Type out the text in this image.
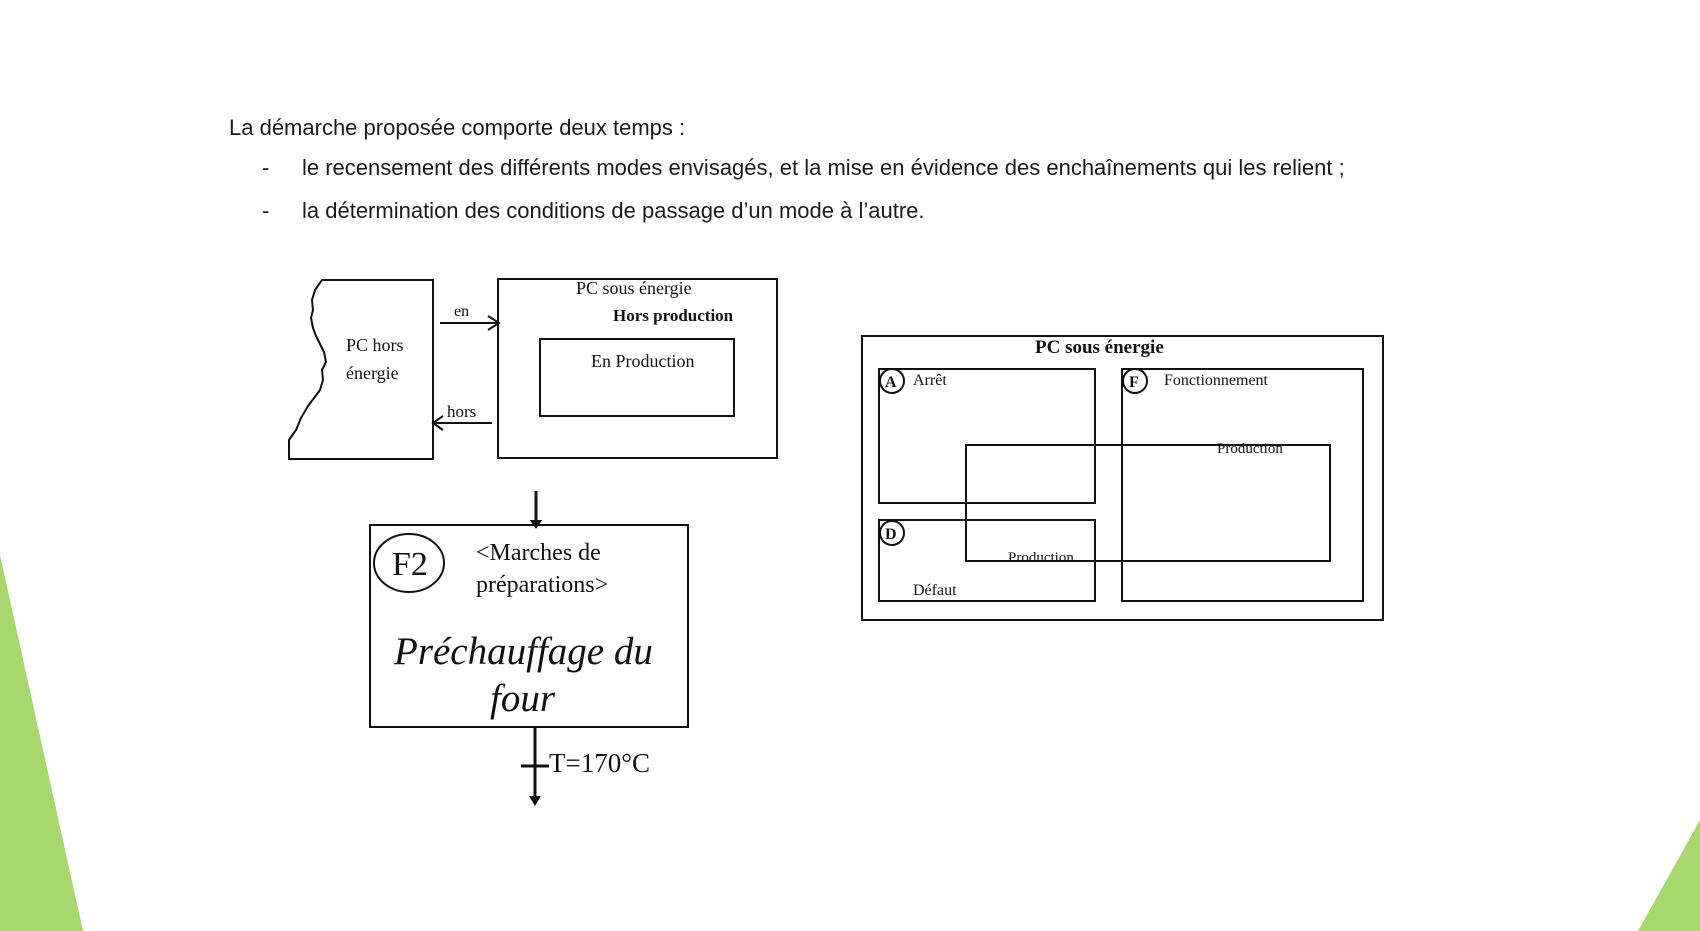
La démarche proposée comporte deux temps :

- le recensement des différents modes envisagés, et la mise en évidence des enchaînements qui les relient ;
- la détermination des conditions de passage d’un mode à l’autre.
PC hors
énergie
en
hors
PC sous énergie
Hors production
En Production
F2 <Marches de
préparations>
Préchauffage du
four
T=170°C
PC sous énergie
A Arrêt	F Fonctionnement
D
Défaut
Production
Production
